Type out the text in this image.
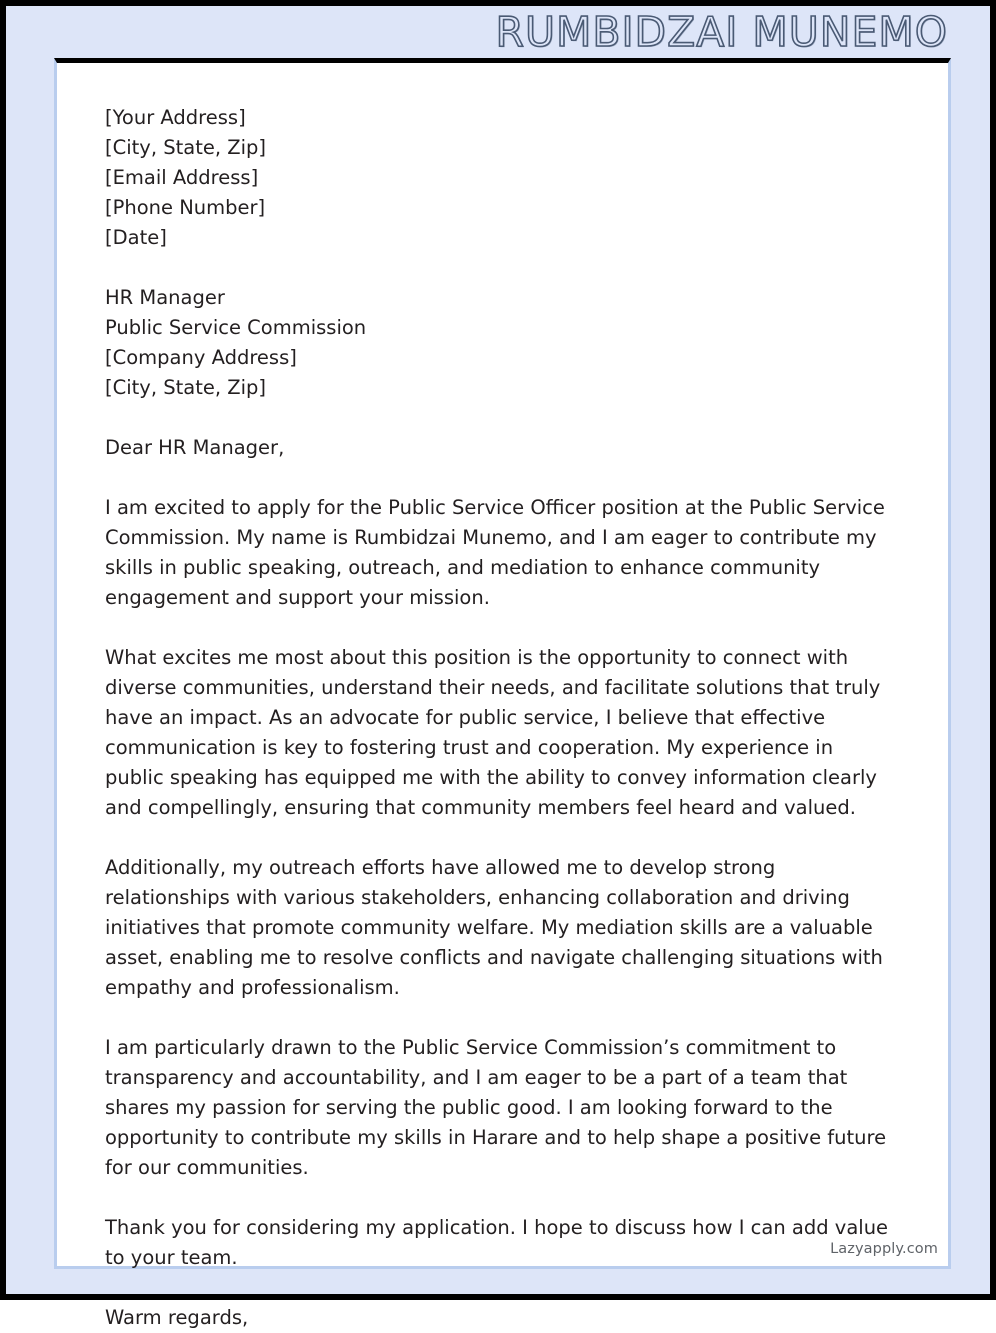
RUMBIDZAI MUNEMO
[Your Address]
[City, State, Zip]
[Email Address]
[Phone Number]
[Date]
HR Manager
Public Service Commission
[Company Address]
[City, State, Zip]

Dear HR Manager,

I am excited to apply for the Public Service Officer position at the Public Service Commission. My name is Rumbidzai Munemo, and I am eager to contribute my skills in public speaking, outreach, and mediation to enhance community engagement and support your mission.

What excites me most about this position is the opportunity to connect with diverse communities, understand their needs, and facilitate solutions that truly have an impact. As an advocate for public service, I believe that effective communication is key to fostering trust and cooperation. My experience in public speaking has equipped me with the ability to convey information clearly and compellingly, ensuring that community members feel heard and valued.

Additionally, my outreach efforts have allowed me to develop strong relationships with various stakeholders, enhancing collaboration and driving initiatives that promote community welfare. My mediation skills are a valuable asset, enabling me to resolve conflicts and navigate challenging situations with empathy and professionalism.

I am particularly drawn to the Public Service Commission’s commitment to transparency and accountability, and I am eager to be a part of a team that shares my passion for serving the public good. I am looking forward to the opportunity to contribute my skills in Harare and to help shape a positive future for our communities.

Thank you for considering my application. I hope to discuss how I can add value to your team.

Warm regards,

Lazyapply.com
